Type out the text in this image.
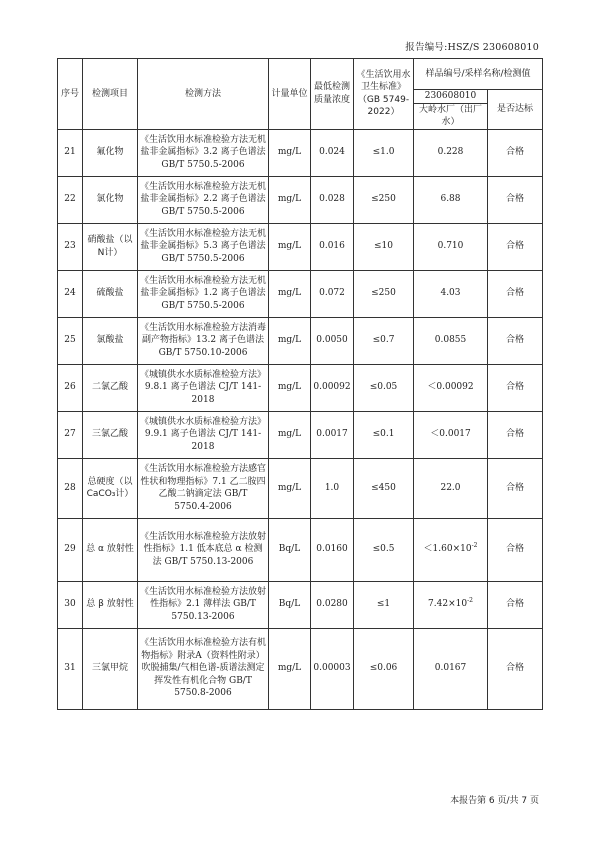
报告编号:HSZ/S 230608010
序号	检测项目	检测方法	计量单位	最低检测质量浓度	《生活饮用水卫生标准》（GB 5749-2022）	样品编号/采样名称/检测值	
						230608010	是否达标
						大岭水厂（出厂水）	
21	氟化物	《生活饮用水标准检验方法无机盐非金属指标》3.2 离子色谱法 GB/T 5750.5-2006	mg/L	0.024	≤1.0	0.228	合格
22	氯化物	《生活饮用水标准检验方法无机盐非金属指标》2.2 离子色谱法 GB/T 5750.5-2006	mg/L	0.028	≤250	6.88	合格
23	硝酸盐（以N计）	《生活饮用水标准检验方法无机盐非金属指标》5.3 离子色谱法 GB/T 5750.5-2006	mg/L	0.016	≤10	0.710	合格
24	硫酸盐	《生活饮用水标准检验方法无机盐非金属指标》1.2 离子色谱法 GB/T 5750.5-2006	mg/L	0.072	≤250	4.03	合格
25	氯酸盐	《生活饮用水标准检验方法消毒副产物指标》13.2 离子色谱法 GB/T 5750.10-2006	mg/L	0.0050	≤0.7	0.0855	合格
26	二氯乙酸	《城镇供水水质标准检验方法》 9.8.1 离子色谱法 CJ/T 141-2018	mg/L	0.00092	≤0.05	＜0.00092	合格
27	三氯乙酸	《城镇供水水质标准检验方法》 9.9.1 离子色谱法 CJ/T 141-2018	mg/L	0.0017	≤0.1	＜0.0017	合格
28	总硬度（以CaCO₃计）	《生活饮用水标准检验方法感官性状和物理指标》7.1 乙二胺四乙酸二钠滴定法 GB/T 5750.4-2006	mg/L	1.0	≤450	22.0	合格
29	总 α 放射性	《生活饮用水标准检验方法放射性指标》1.1 低本底总 α 检测法 GB/T 5750.13-2006	Bq/L	0.0160	≤0.5	$<1.60\times 10^{-2}$	合格
30	总 β 放射性	《生活饮用水标准检验方法放射性指标》2.1 薄样法 GB/T 5750.13-2006	Bq/L	0.0280	≤1	$7.42\times 10^{-2}$	合格
31	三氯甲烷	《生活饮用水标准检验方法有机物指标》附录A（资料性附录）吹脱捕集/气相色谱-质谱法测定挥发性有机化合物 GB/T 5750.8-2006	mg/L	0.00003	≤0.06	0.0167	合格
本报告第 6 页/共 7 页
